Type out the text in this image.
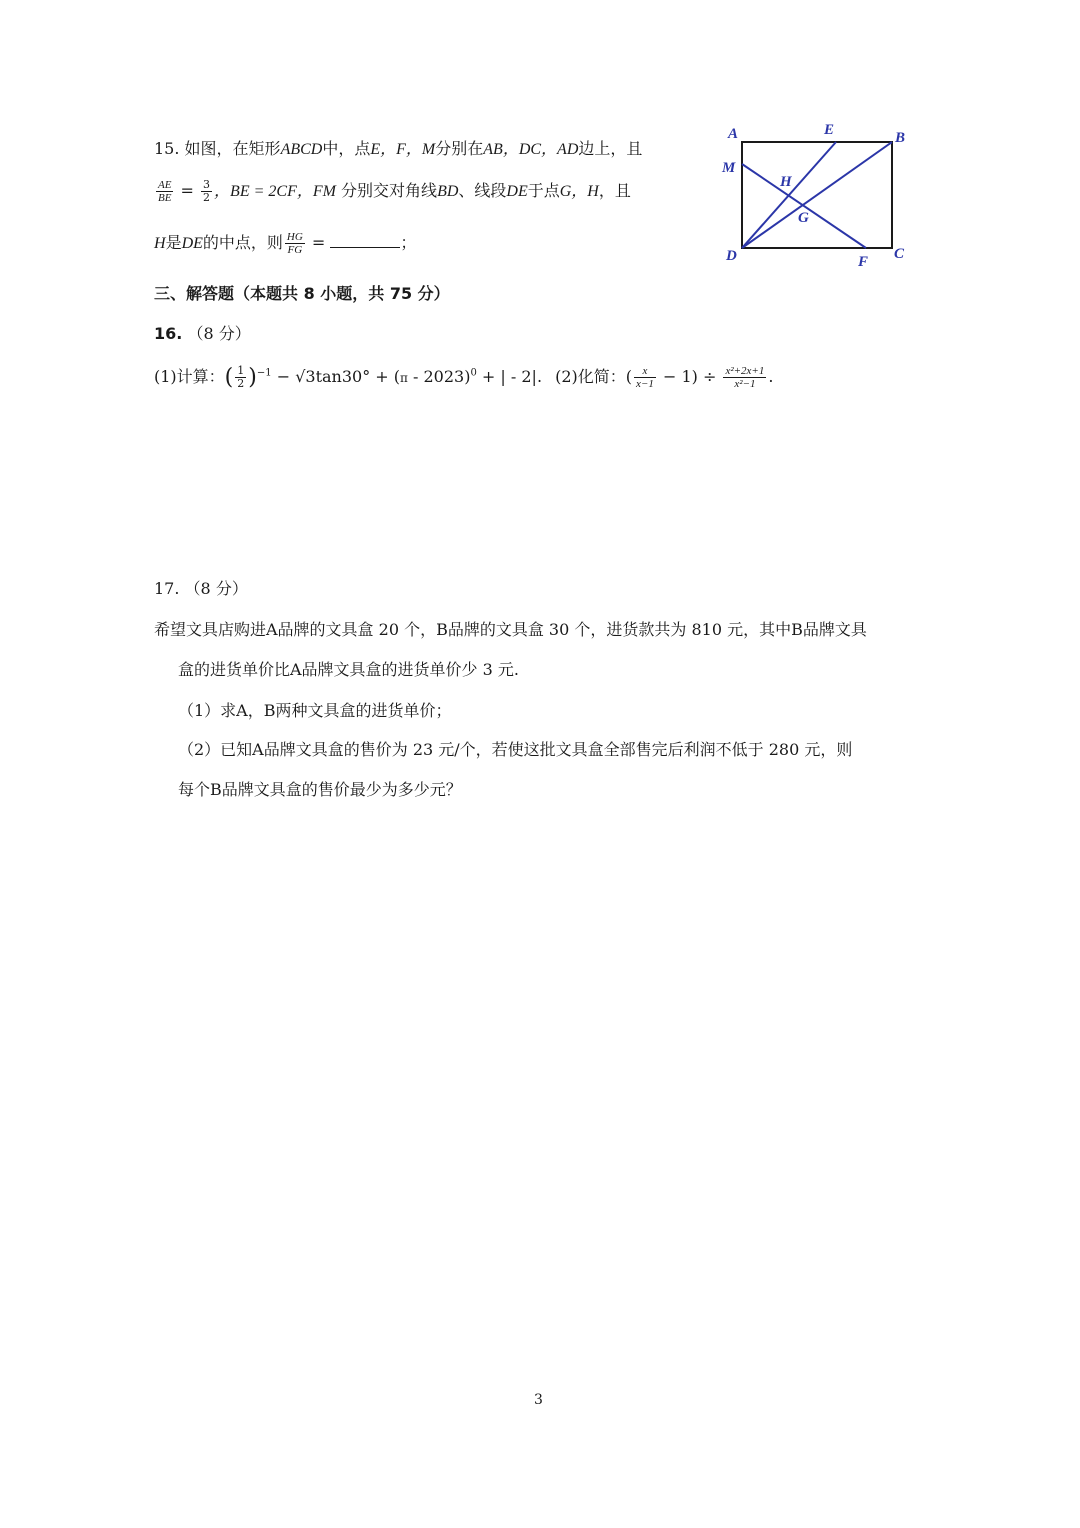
15. 如图，在矩形ABCD中，点E，F，M分别在AB，DC，AD边上，且
$\frac{AE}{BE} = \frac{3}{2}$ ，BE = 2CF，FM 分别交对角线BD、线段DE于点G，H，且
H是DE的中点，则 $\frac{HG}{FG}$ =	；
A	E	B
M
H
G
D	F C
三、解答题（本题共 8 小题，共 75 分）
16. （8 分）
(1)计算：( $\frac{1}{2} )^{-1} - √3\tan 30^\circ + (\pi - 2023)^0$ + | - 2|. (2)化简：( $\frac{x}{x-1} - 1) \div \frac{\text{x²+2x+1}}{\text{x²−1}}$ .
17. （8 分）
希望文具店购进A品牌的文具盒 20 个，B品牌的文具盒 30 个，进货款共为 810 元，其中B品牌文具
盒的进货单价比A品牌文具盒的进货单价少 3 元.
（1）求A，B两种文具盒的进货单价；
（2）已知A品牌文具盒的售价为 23 元/个，若使这批文具盒全部售完后利润不低于 280 元，则
每个B品牌文具盒的售价最少为多少元？
3
